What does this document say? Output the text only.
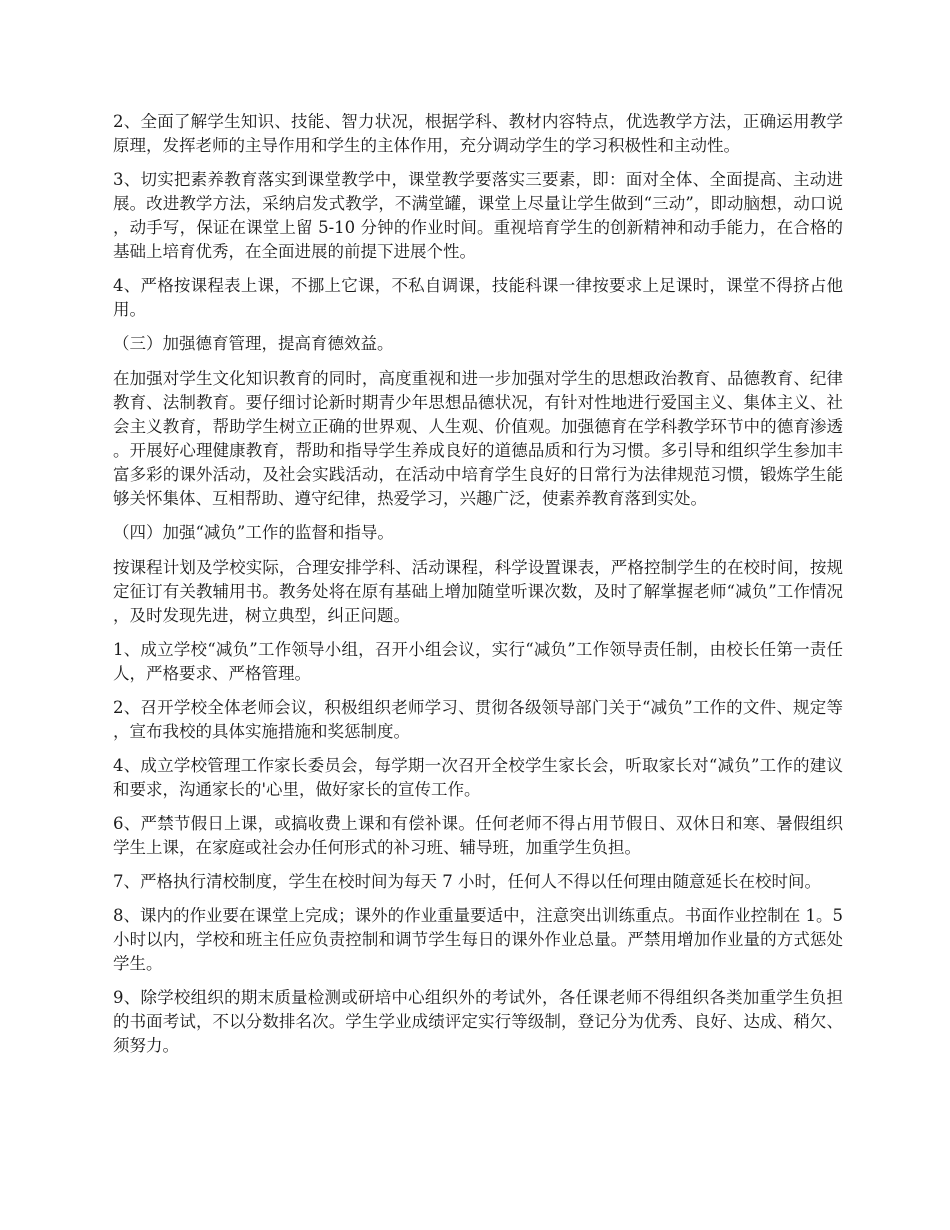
2、全面了解学生知识、技能、智力状况，根据学科、教材内容特点，优选教学方法，正确运用教学原理，发挥老师的主导作用和学生的主体作用，充分调动学生的学习积极性和主动性。

3、切实把素养教育落实到课堂教学中，课堂教学要落实三要素，即：面对全体、全面提高、主动进展。改进教学方法，采纳启发式教学，不满堂罐，课堂上尽量让学生做到“三动”，即动脑想，动口说，动手写，保证在课堂上留 5-10 分钟的作业时间。重视培育学生的创新精神和动手能力，在合格的基础上培育优秀，在全面进展的前提下进展个性。

4、严格按课程表上课，不挪上它课，不私自调课，技能科课一律按要求上足课时，课堂不得挤占他用。

（三）加强德育管理，提高育德效益。

在加强对学生文化知识教育的同时，高度重视和进一步加强对学生的思想政治教育、品德教育、纪律教育、法制教育。要仔细讨论新时期青少年思想品德状况，有针对性地进行爱国主义、集体主义、社会主义教育，帮助学生树立正确的世界观、人生观、价值观。加强德育在学科教学环节中的德育渗透。开展好心理健康教育，帮助和指导学生养成良好的道德品质和行为习惯。多引导和组织学生参加丰富多彩的课外活动，及社会实践活动，在活动中培育学生良好的日常行为法律规范习惯，锻炼学生能够关怀集体、互相帮助、遵守纪律，热爱学习，兴趣广泛，使素养教育落到实处。

（四）加强“减负”工作的监督和指导。

按课程计划及学校实际，合理安排学科、活动课程，科学设置课表，严格控制学生的在校时间，按规定征订有关教辅用书。教务处将在原有基础上增加随堂听课次数，及时了解掌握老师“减负”工作情况，及时发现先进，树立典型，纠正问题。

1、成立学校“减负”工作领导小组，召开小组会议，实行“减负”工作领导责任制，由校长任第一责任人，严格要求、严格管理。

2、召开学校全体老师会议，积极组织老师学习、贯彻各级领导部门关于“减负”工作的文件、规定等，宣布我校的具体实施措施和奖惩制度。

4、成立学校管理工作家长委员会，每学期一次召开全校学生家长会，听取家长对“减负”工作的建议和要求，沟通家长的'心里，做好家长的宣传工作。

6、严禁节假日上课，或搞收费上课和有偿补课。任何老师不得占用节假日、双休日和寒、暑假组织学生上课，在家庭或社会办任何形式的补习班、辅导班，加重学生负担。

7、严格执行清校制度，学生在校时间为每天 7 小时，任何人不得以任何理由随意延长在校时间。

8、课内的作业要在课堂上完成；课外的作业重量要适中，注意突出训练重点。书面作业控制在 1。5 小时以内，学校和班主任应负责控制和调节学生每日的课外作业总量。严禁用增加作业量的方式惩处学生。

9、除学校组织的期末质量检测或研培中心组织外的考试外，各任课老师不得组织各类加重学生负担的书面考试，不以分数排名次。学生学业成绩评定实行等级制，登记分为优秀、良好、达成、稍欠、须努力。
